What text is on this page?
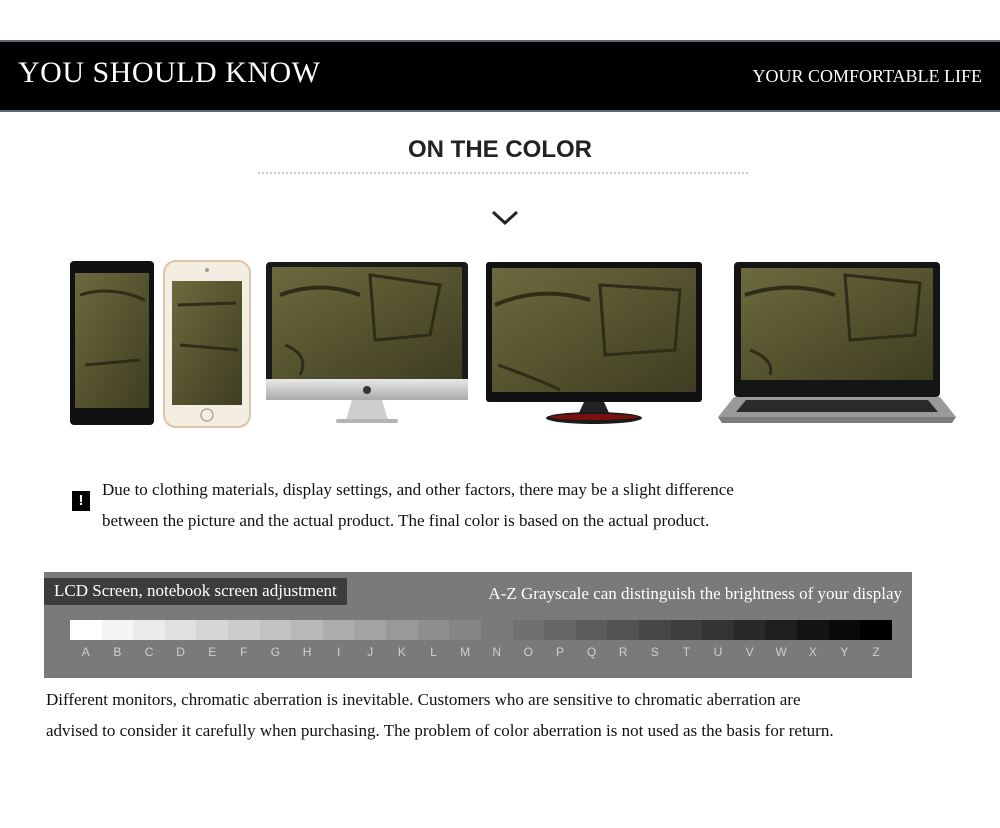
YOU SHOULD KNOW	YOUR COMFORTABLE LIFE
ON THE COLOR
!
Due to clothing materials, display settings, and other factors, there may be a slight difference
between the picture and the actual product. The final color is based on the actual product.
LCD Screen, notebook screen adjustment	A-Z Grayscale can distinguish the brightness of your display
A	B	C	D	E	F	G	H	I	J	K	L	M	N	O	P	Q	R	S	T	U	V	W	X	Y	Z
Different monitors, chromatic aberration is inevitable. Customers who are sensitive to chromatic aberration are
advised to consider it carefully when purchasing. The problem of color aberration is not used as the basis for return.
